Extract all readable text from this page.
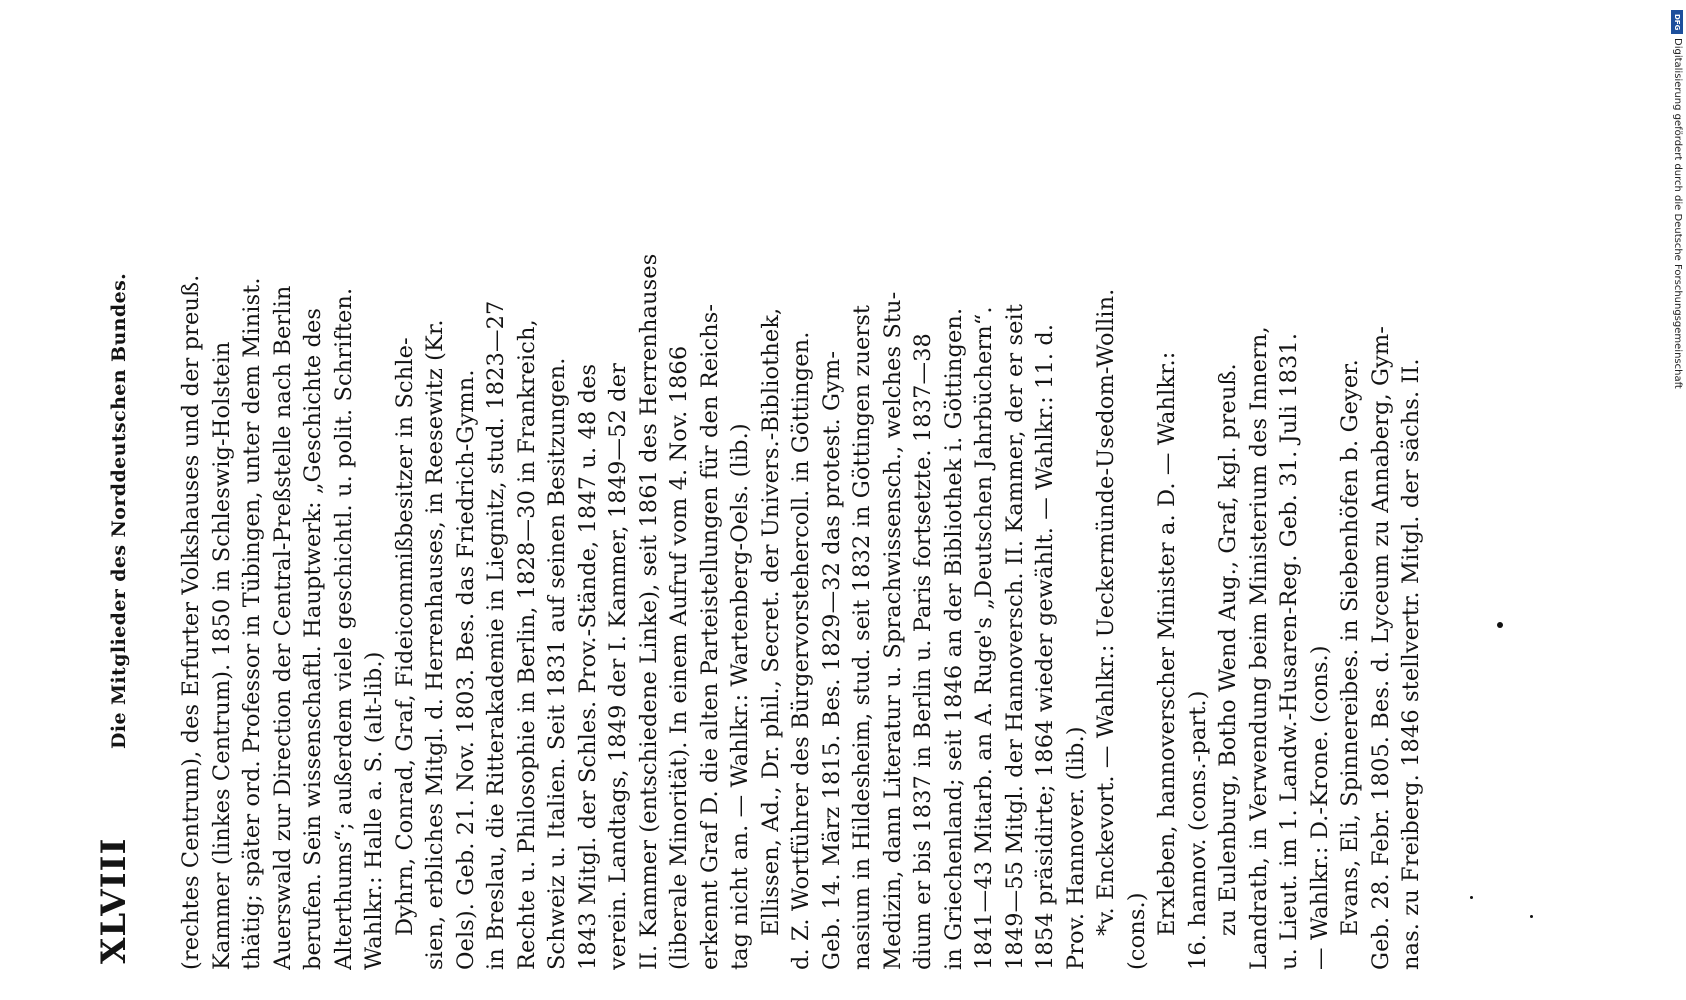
XLVIII
Die Mitglieder des Norddeutschen Bundes. (rechtes Centrum), des Erfurter Volkshauses und der preuß. Kammer (linkes Centrum). 1850 in Schleswig-Holstein thätig; später ord. Professor in Tübingen, unter dem Minist. Auerswald zur Direction der Central-Preßstelle nach Berlin berufen. Sein wissenschaftl. Hauptwerk: „Geschichte des Alterthums“; außerdem viele geschichtl. u. polit. Schriften. Wahlkr.: Halle a. S. (alt-lib.) Dyhrn, Conrad, Graf, Fideicommißbesitzer in Schle- sien, erbliches Mitgl. d. Herrenhauses, in Reesewitz (Kr. Oels). Geb. 21. Nov. 1803. Bes. das Friedrich-Gymn. in Breslau, die Ritterakademie in Liegnitz, stud. 1823—27 Rechte u. Philosophie in Berlin, 1828—30 in Frankreich, Schweiz u. Italien. Seit 1831 auf seinen Besitzungen. 1843 Mitgl. der Schles. Prov.-Stände, 1847 u. 48 des verein. Landtags, 1849 der I. Kammer, 1849—52 der II. Kammer (entschiedene Linke), seit 1861 des Herrenhauses (liberale Minorität). In einem Aufruf vom 4. Nov. 1866 erkennt Graf D. die alten Parteistellungen für den Reichs- tag nicht an. — Wahlkr.: Wartenberg-Oels. (lib.) Ellissen, Ad., Dr. phil., Secret. der Univers.-Bibliothek, d. Z. Wortführer des Bürgervorstehercoll. in Göttingen. Geb. 14. März 1815. Bes. 1829—32 das protest. Gym- nasium in Hildesheim, stud. seit 1832 in Göttingen zuerst Medizin, dann Literatur u. Sprachwissensch., welches Stu- dium er bis 1837 in Berlin u. Paris fortsetzte. 1837—38 in Griechenland; seit 1846 an der Bibliothek i. Göttingen. 1841—43 Mitarb. an A. Ruge's „Deutschen Jahrbüchern“. 1849—55 Mitgl. der Hannoversch. II. Kammer, der er seit 1854 präsidirte; 1864 wieder gewählt. — Wahlkr.: 11. d. Prov. Hannover. (lib.) *v. Enckevort. — Wahlkr.: Ueckermünde-Usedom-Wollin. (cons.) Erxleben, hannoverscher Minister a. D. — Wahlkr.: 16. hannov. (cons.-part.) zu Eulenburg, Botho Wend Aug., Graf, kgl. preuß. Landrath, in Verwendung beim Ministerium des Innern, u. Lieut. im 1. Landw.-Husaren-Reg. Geb. 31. Juli 1831. — Wahlkr.: D.-Krone. (cons.) Evans, Eli, Spinnereibes. in Siebenhöfen b. Geyer. Geb. 28. Febr. 1805. Bes. d. Lyceum zu Annaberg, Gym- nas. zu Freiberg. 1846 stellvertr. Mitgl. der sächs. II.
DFG
Digitalisierung gefördert durch die Deutsche Forschungsgemeinschaft
